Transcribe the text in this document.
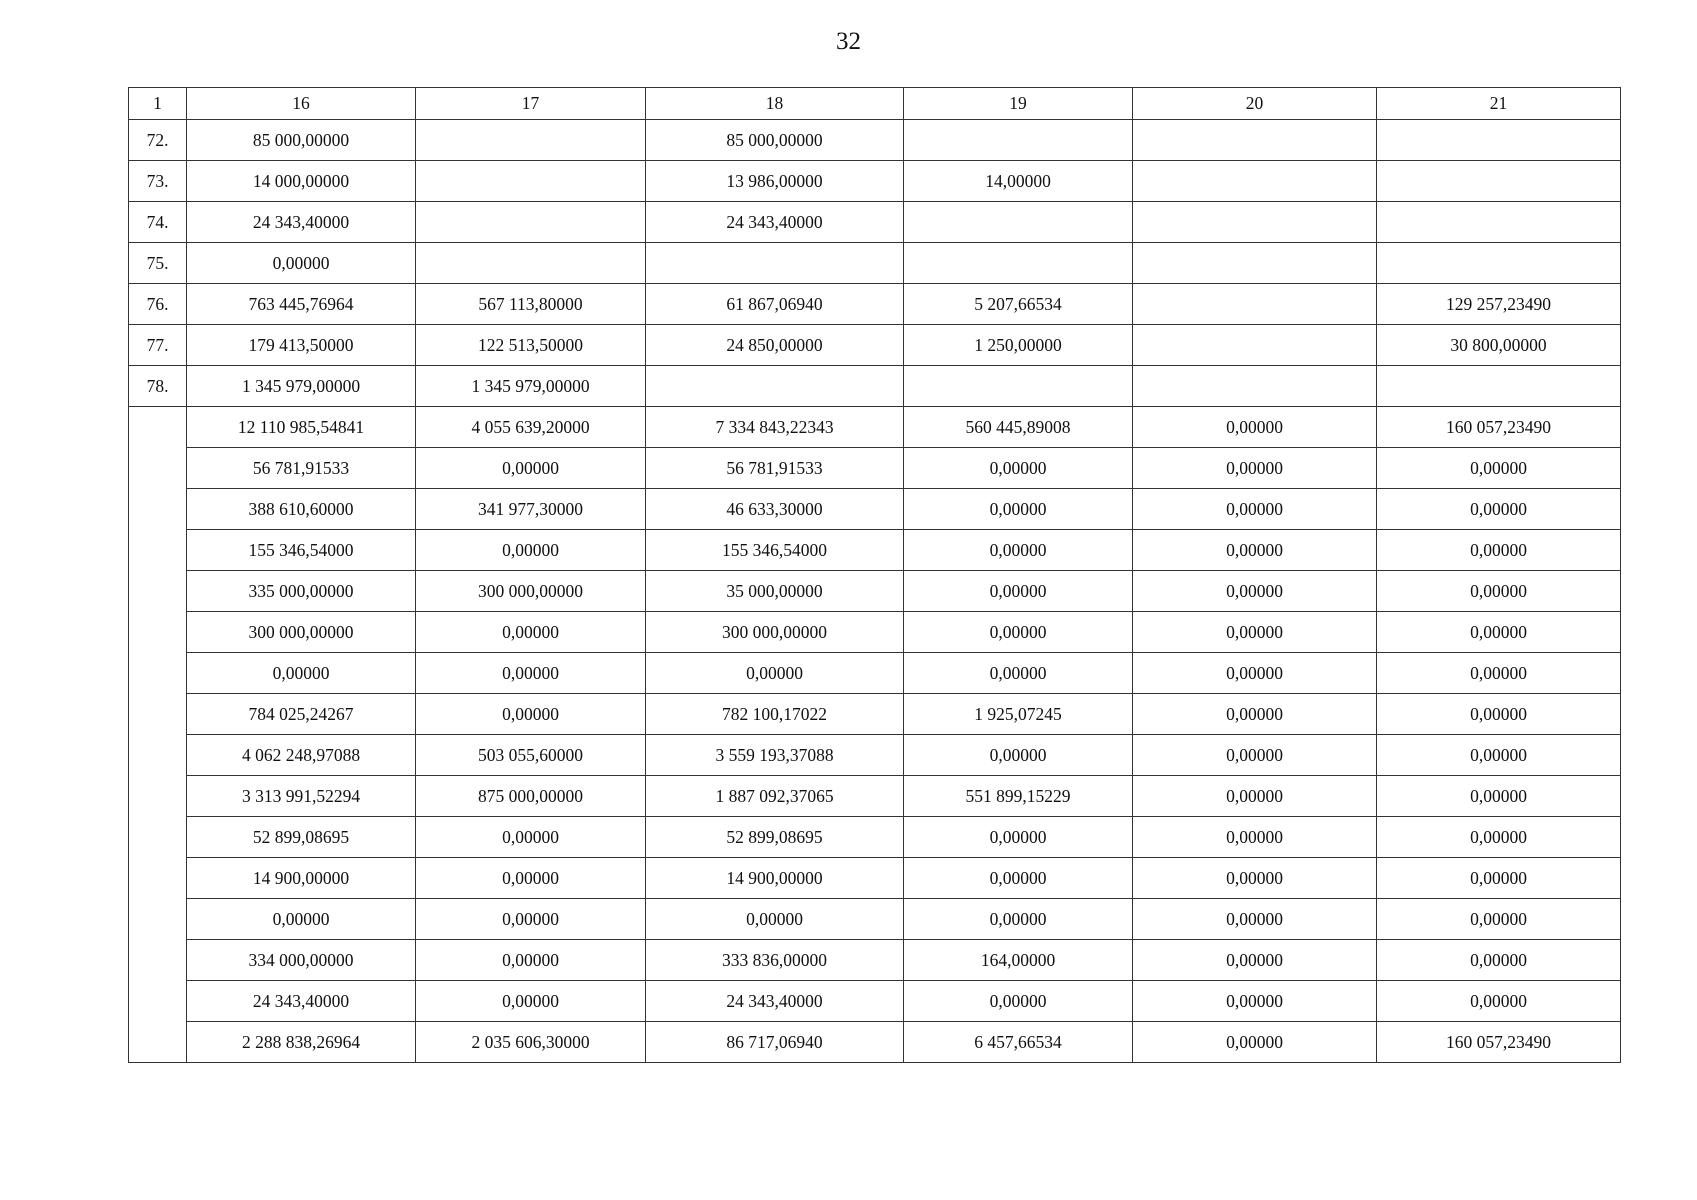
32
1	16	17	18	19	20	21
72.	85 000,00000		85 000,00000			
73.	14 000,00000		13 986,00000	14,00000		
74.	24 343,40000		24 343,40000			
75.	0,00000					
76.	763 445,76964	567 113,80000	61 867,06940	5 207,66534		129 257,23490
77.	179 413,50000	122 513,50000	24 850,00000	1 250,00000		30 800,00000
78.	1 345 979,00000	1 345 979,00000				
	12 110 985,54841	4 055 639,20000	7 334 843,22343	560 445,89008	0,00000	160 057,23490
	56 781,91533	0,00000	56 781,91533	0,00000	0,00000	0,00000
	388 610,60000	341 977,30000	46 633,30000	0,00000	0,00000	0,00000
	155 346,54000	0,00000	155 346,54000	0,00000	0,00000	0,00000
	335 000,00000	300 000,00000	35 000,00000	0,00000	0,00000	0,00000
	300 000,00000	0,00000	300 000,00000	0,00000	0,00000	0,00000
	0,00000	0,00000	0,00000	0,00000	0,00000	0,00000
	784 025,24267	0,00000	782 100,17022	1 925,07245	0,00000	0,00000
	4 062 248,97088	503 055,60000	3 559 193,37088	0,00000	0,00000	0,00000
	3 313 991,52294	875 000,00000	1 887 092,37065	551 899,15229	0,00000	0,00000
	52 899,08695	0,00000	52 899,08695	0,00000	0,00000	0,00000
	14 900,00000	0,00000	14 900,00000	0,00000	0,00000	0,00000
	0,00000	0,00000	0,00000	0,00000	0,00000	0,00000
	334 000,00000	0,00000	333 836,00000	164,00000	0,00000	0,00000
	24 343,40000	0,00000	24 343,40000	0,00000	0,00000	0,00000
	2 288 838,26964	2 035 606,30000	86 717,06940	6 457,66534	0,00000	160 057,23490
